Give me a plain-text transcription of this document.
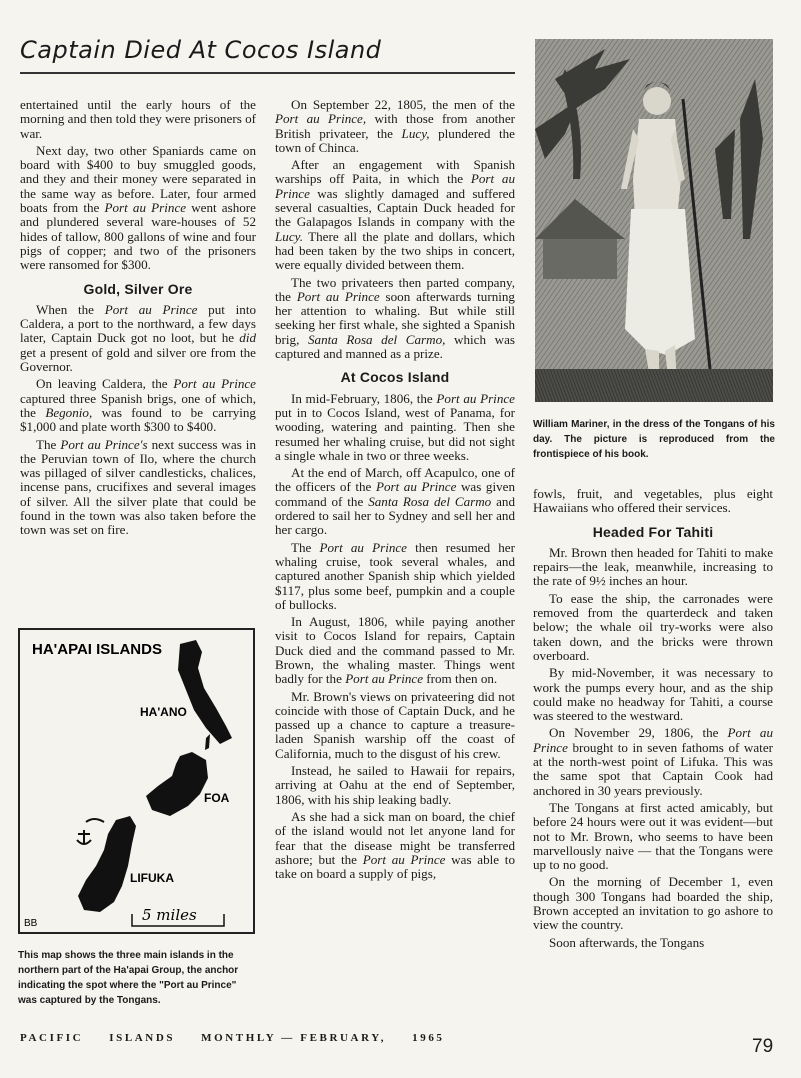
Captain Died At Cocos Island

entertained until the early hours of the morning and then told they were prisoners of war.

Next day, two other Spaniards came on board with $400 to buy smuggled goods, and they and their money were separated in the same way as before. Later, four armed boats from the Port au Prince went ashore and plundered several ware-houses of 52 hides of tallow, 800 gallons of wine and four pigs of copper; and two of the prisoners were ransomed for $300.

Gold, Silver Ore

When the Port au Prince put into Caldera, a port to the northward, a few days later, Captain Duck got no loot, but he did get a present of gold and silver ore from the Governor.

On leaving Caldera, the Port au Prince captured three Spanish brigs, one of which, the Begonio, was found to be carrying $1,000 and plate worth $300 to $400.

The Port au Prince's next success was in the Peruvian town of Ilo, where the church was pillaged of silver candlesticks, chalices, incense pans, crucifixes and several images of silver. All the silver plate that could be found in the town was also taken before the town was set on fire.

HA'APAI ISLANDS
HA'ANO
FOA
LIFUKA
5 miles
BB
This map shows the three main islands in the northern part of the Ha'apai Group, the anchor indicating the spot where the "Port au Prince" was captured by the Tongans.

On September 22, 1805, the men of the Port au Prince, with those from another British privateer, the Lucy, plundered the town of Chinca.

After an engagement with Spanish warships off Paita, in which the Port au Prince was slightly damaged and suffered several casualties, Captain Duck headed for the Galapagos Islands in company with the Lucy. There all the plate and dollars, which had been taken by the two ships in concert, were equally divided between them.

The two privateers then parted company, the Port au Prince soon afterwards turning her attention to whaling. But while still seeking her first whale, she sighted a Spanish brig, Santa Rosa del Carmo, which was captured and manned as a prize.

At Cocos Island

In mid-February, 1806, the Port au Prince put in to Cocos Island, west of Panama, for wooding, watering and painting. Then she resumed her whaling cruise, but did not sight a single whale in two or three weeks.

At the end of March, off Acapulco, one of the officers of the Port au Prince was given command of the Santa Rosa del Carmo and ordered to sail her to Sydney and sell her and her cargo.

The Port au Prince then resumed her whaling cruise, took several whales, and captured another Spanish ship which yielded $117, plus some beef, pumpkin and a couple of bullocks.

In August, 1806, while paying another visit to Cocos Island for repairs, Captain Duck died and the command passed to Mr. Brown, the whaling master. Things went badly for the Port au Prince from then on.

Mr. Brown's views on privateering did not coincide with those of Captain Duck, and he passed up a chance to capture a treasure-laden Spanish warship off the coast of California, much to the disgust of his crew.

Instead, he sailed to Hawaii for repairs, arriving at Oahu at the end of September, 1806, with his ship leaking badly.

As she had a sick man on board, the chief of the island would not let anyone land for fear that the disease might be transferred ashore; but the Port au Prince was able to take on board a supply of pigs,

William Mariner, in the dress of the Tongans of his day. The picture is reproduced from the frontispiece of his book.

fowls, fruit, and vegetables, plus eight Hawaiians who offered their services.

Headed For Tahiti

Mr. Brown then headed for Tahiti to make repairs—the leak, meanwhile, increasing to the rate of 9½ inches an hour.

To ease the ship, the carronades were removed from the quarterdeck and taken below; the whale oil try-works were also taken down, and the bricks were thrown overboard.

By mid-November, it was necessary to work the pumps every hour, and as the ship could make no headway for Tahiti, a course was steered to the westward.

On November 29, 1806, the Port au Prince brought to in seven fathoms of water at the north-west point of Lifuka. This was the same spot that Captain Cook had anchored in 30 years previously.

The Tongans at first acted amicably, but before 24 hours were out it was evident—but not to Mr. Brown, who seems to have been marvellously naive — that the Tongans were up to no good.

On the morning of December 1, even though 300 Tongans had boarded the ship, Brown accepted an invitation to go ashore to view the country.

Soon afterwards, the Tongans

PACIFIC ISLANDS MONTHLY — FEBRUARY, 1965	79
